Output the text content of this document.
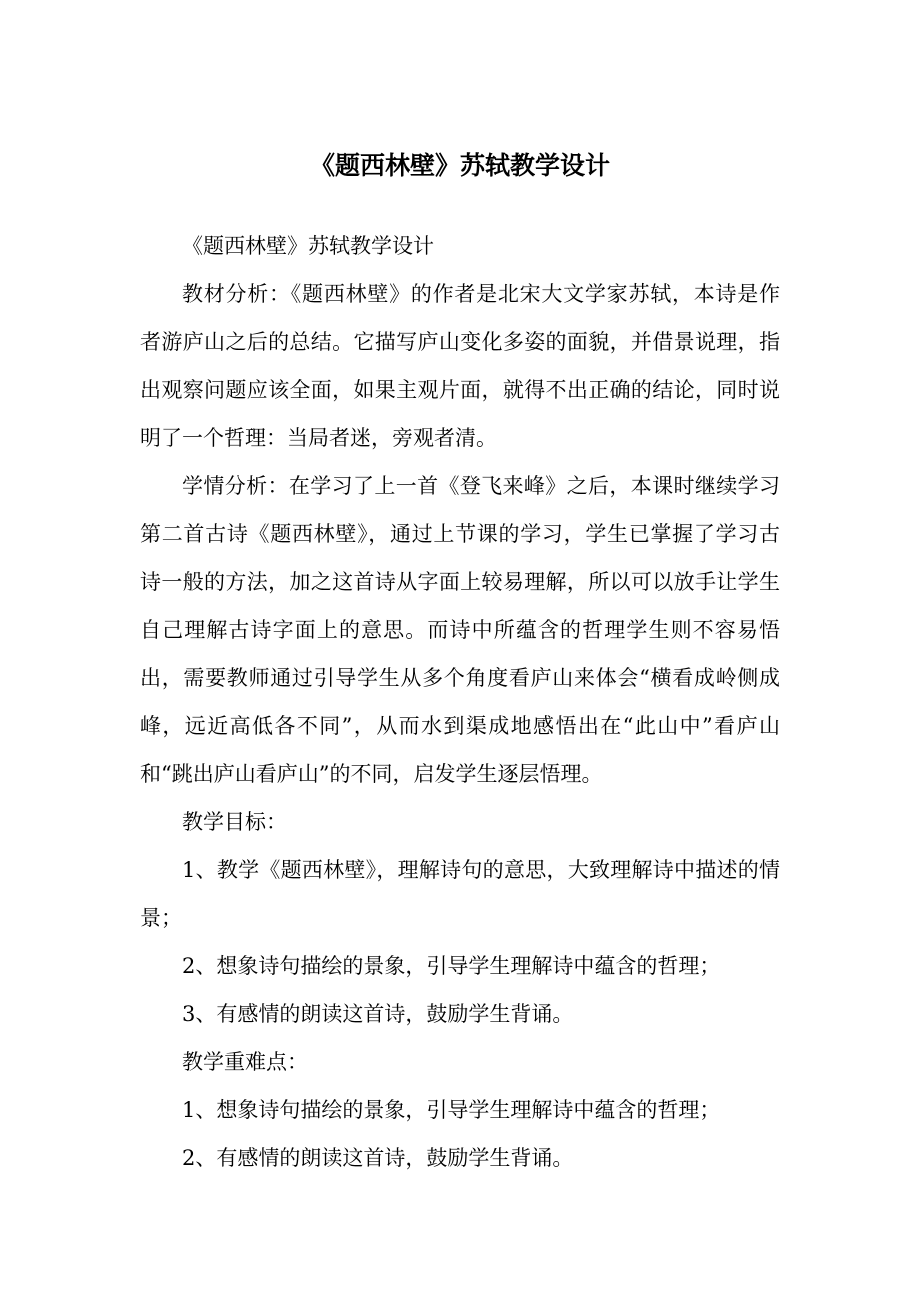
《题西林壁》苏轼教学设计

《题西林壁》苏轼教学设计

教材分析：《题西林壁》的作者是北宋大文学家苏轼，本诗是作者游庐山之后的总结。它描写庐山变化多姿的面貌，并借景说理，指出观察问题应该全面，如果主观片面，就得不出正确的结论，同时说明了一个哲理：当局者迷，旁观者清。

学情分析：在学习了上一首《登飞来峰》之后，本课时继续学习第二首古诗《题西林壁》，通过上节课的学习，学生已掌握了学习古诗一般的方法，加之这首诗从字面上较易理解，所以可以放手让学生自己理解古诗字面上的意思。而诗中所蕴含的哲理学生则不容易悟出，需要教师通过引导学生从多个角度看庐山来体会“横看成岭侧成峰，远近高低各不同”，从而水到渠成地感悟出在“此山中”看庐山和“跳出庐山看庐山”的不同，启发学生逐层悟理。

教学目标：

1、教学《题西林壁》，理解诗句的意思，大致理解诗中描述的情景；

2、想象诗句描绘的景象，引导学生理解诗中蕴含的哲理；

3、有感情的朗读这首诗，鼓励学生背诵。

教学重难点：

1、想象诗句描绘的景象，引导学生理解诗中蕴含的哲理；

2、有感情的朗读这首诗，鼓励学生背诵。
